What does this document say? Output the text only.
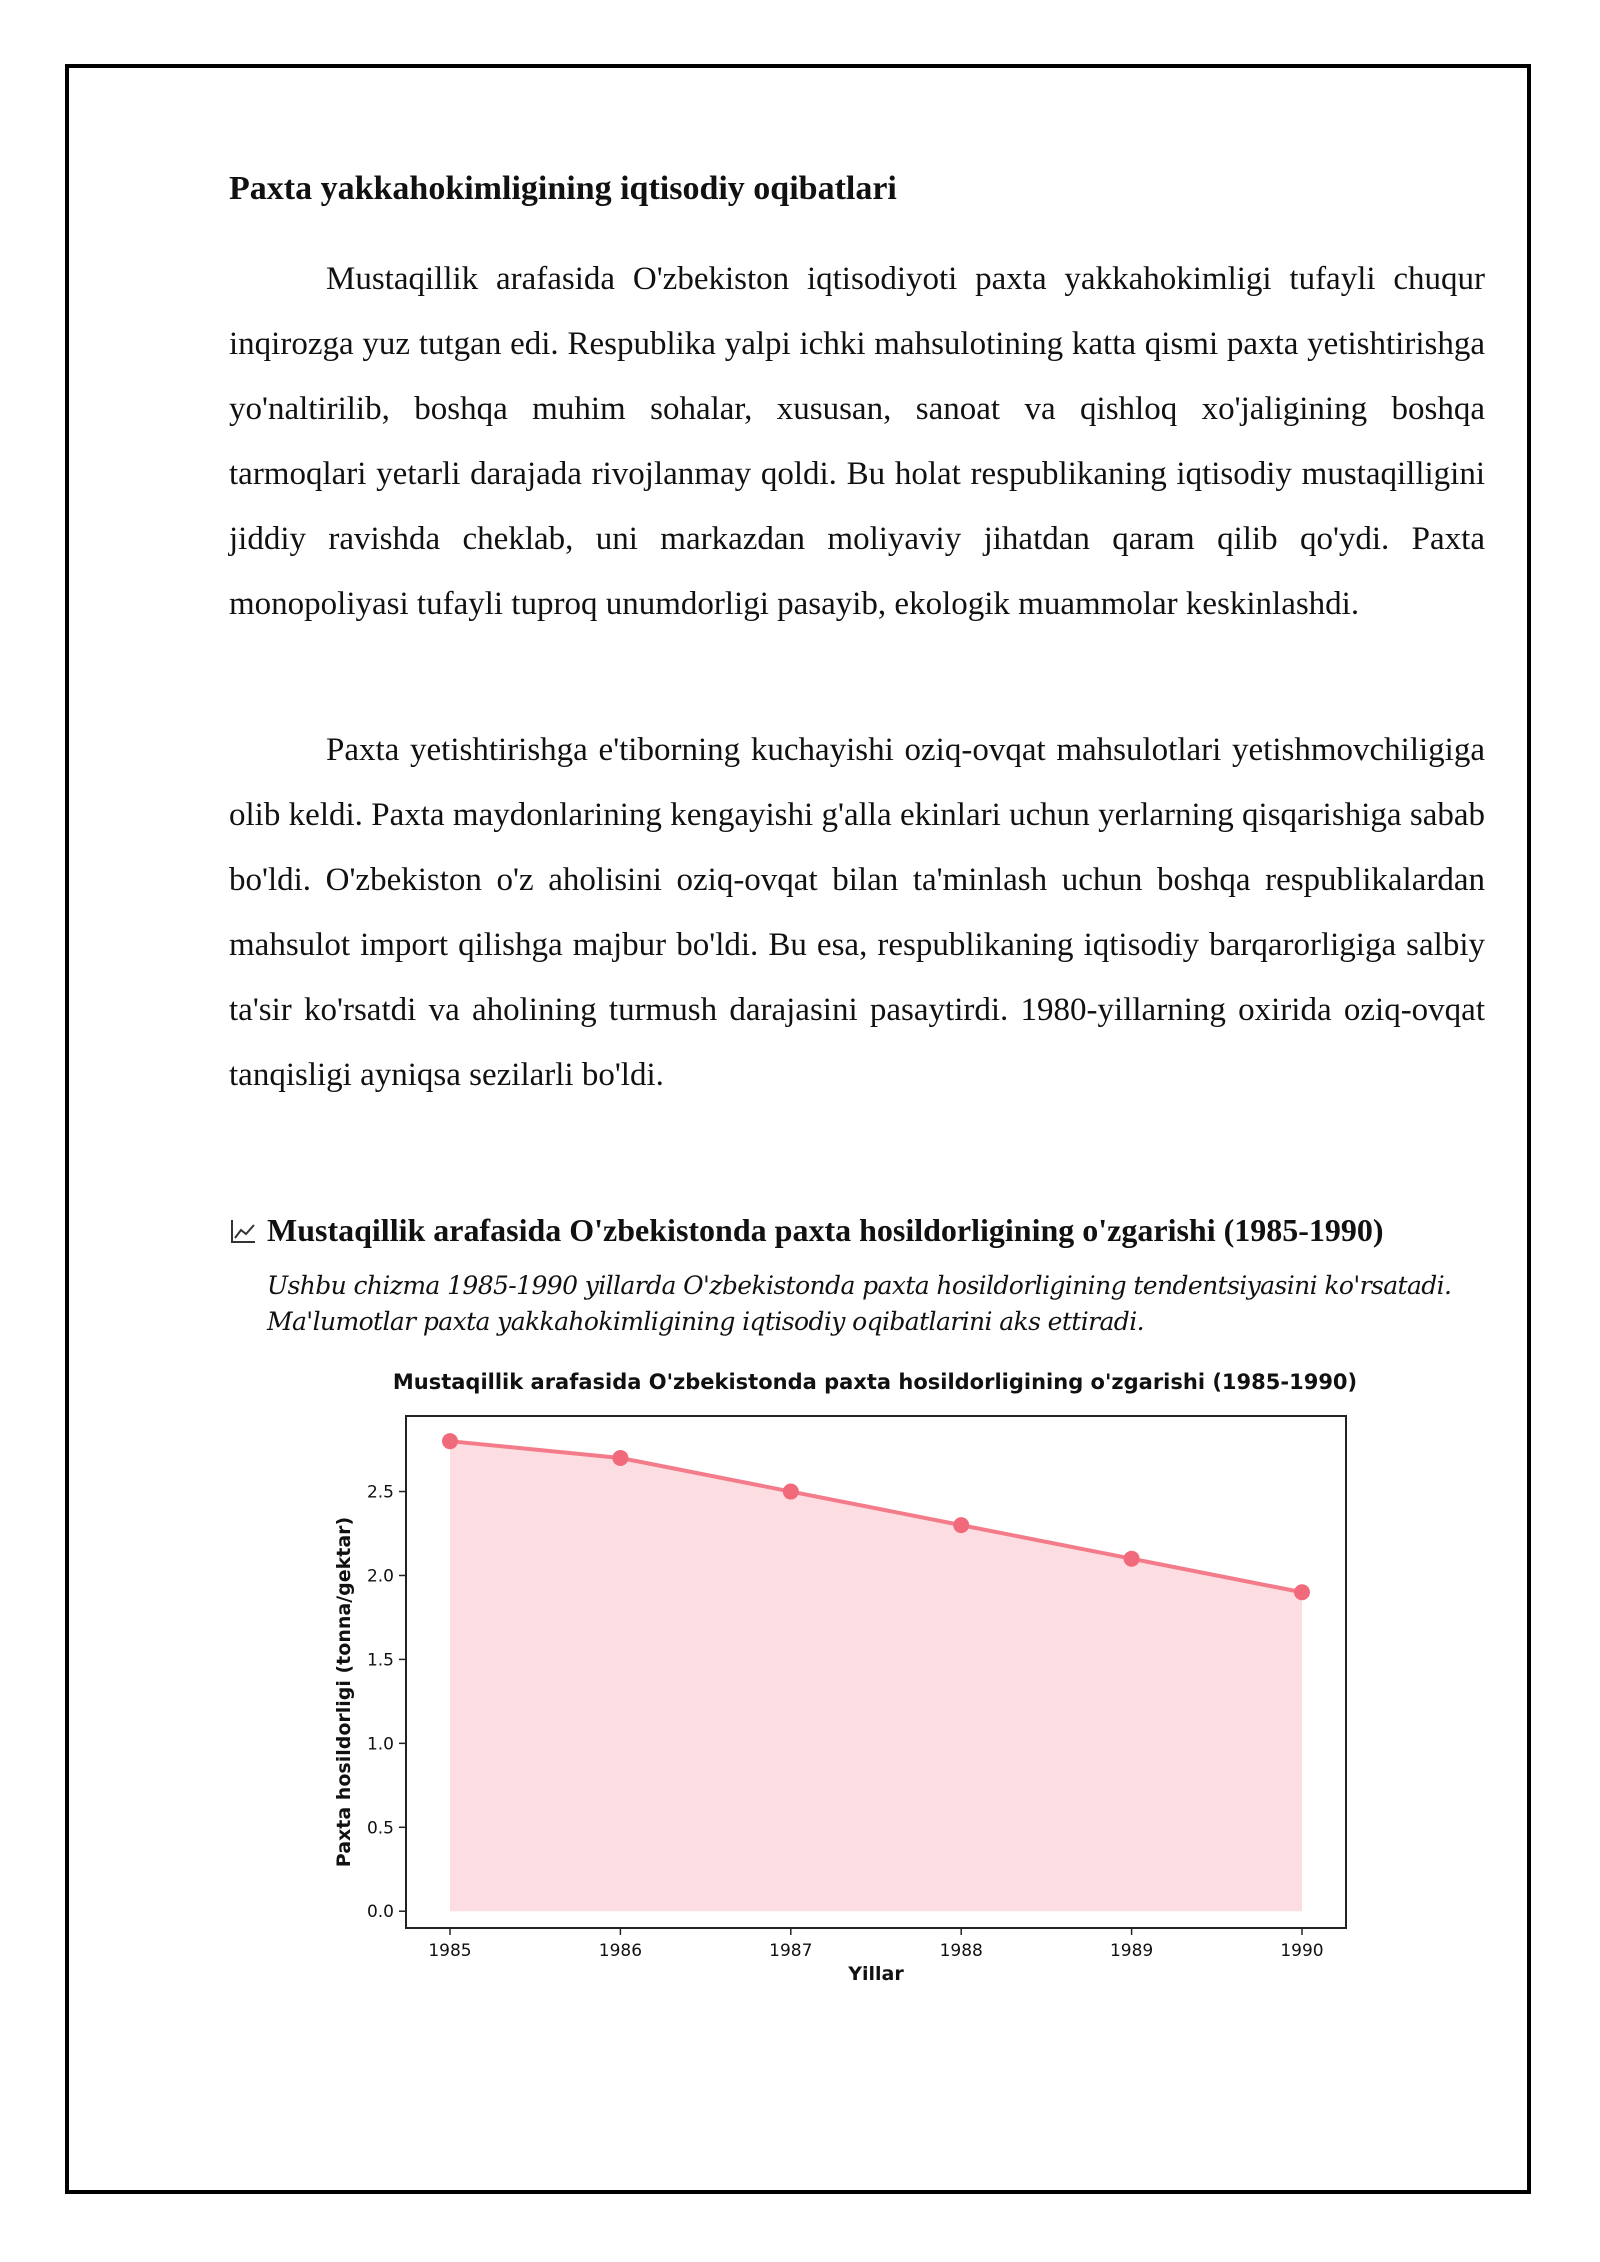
Paxta yakkahokimligining iqtisodiy oqibatlari

Mustaqillik arafasida O'zbekiston iqtisodiyoti paxta yakkahokimligi tufayli chuqur inqirozga yuz tutgan edi. Respublika yalpi ichki mahsulotining katta qismi paxta yetishtirishga yo'naltirilib, boshqa muhim sohalar, xususan, sanoat va qishloq xo'jaligining boshqa tarmoqlari yetarli darajada rivojlanmay qoldi. Bu holat respublikaning iqtisodiy mustaqilligini jiddiy ravishda cheklab, uni markazdan moliyaviy jihatdan qaram qilib qo'ydi. Paxta monopoliyasi tufayli tuproq unumdorligi pasayib, ekologik muammolar keskinlashdi.

Paxta yetishtirishga e'tiborning kuchayishi oziq-ovqat mahsulotlari yetishmovchiligiga olib keldi. Paxta maydonlarining kengayishi g'alla ekinlari uchun yerlarning qisqarishiga sabab bo'ldi. O'zbekiston o'z aholisini oziq-ovqat bilan ta'minlash uchun boshqa respublikalardan mahsulot import qilishga majbur bo'ldi. Bu esa, respublikaning iqtisodiy barqarorligiga salbiy ta'sir ko'rsatdi va aholining turmush darajasini pasaytirdi. 1980-yillarning oxirida oziq-ovqat tanqisligi ayniqsa sezilarli bo'ldi.

Mustaqillik arafasida O'zbekistonda paxta hosildorligining o'zgarishi (1985-1990)

Ushbu chizma 1985-1990 yillarda O'zbekistonda paxta hosildorligining tendentsiyasini ko'rsatadi. Ma'lumotlar paxta yakkahokimligining iqtisodiy oqibatlarini aks ettiradi.

Mustaqillik arafasida O'zbekistonda paxta hosildorligining o'zgarishi (1985-1990)
0.0
0.5
1.0
1.5
2.0
2.5
1985	1986	1987	1988	1989	1990
Yillar
Paxta hosildorligi (tonna/gektar)
